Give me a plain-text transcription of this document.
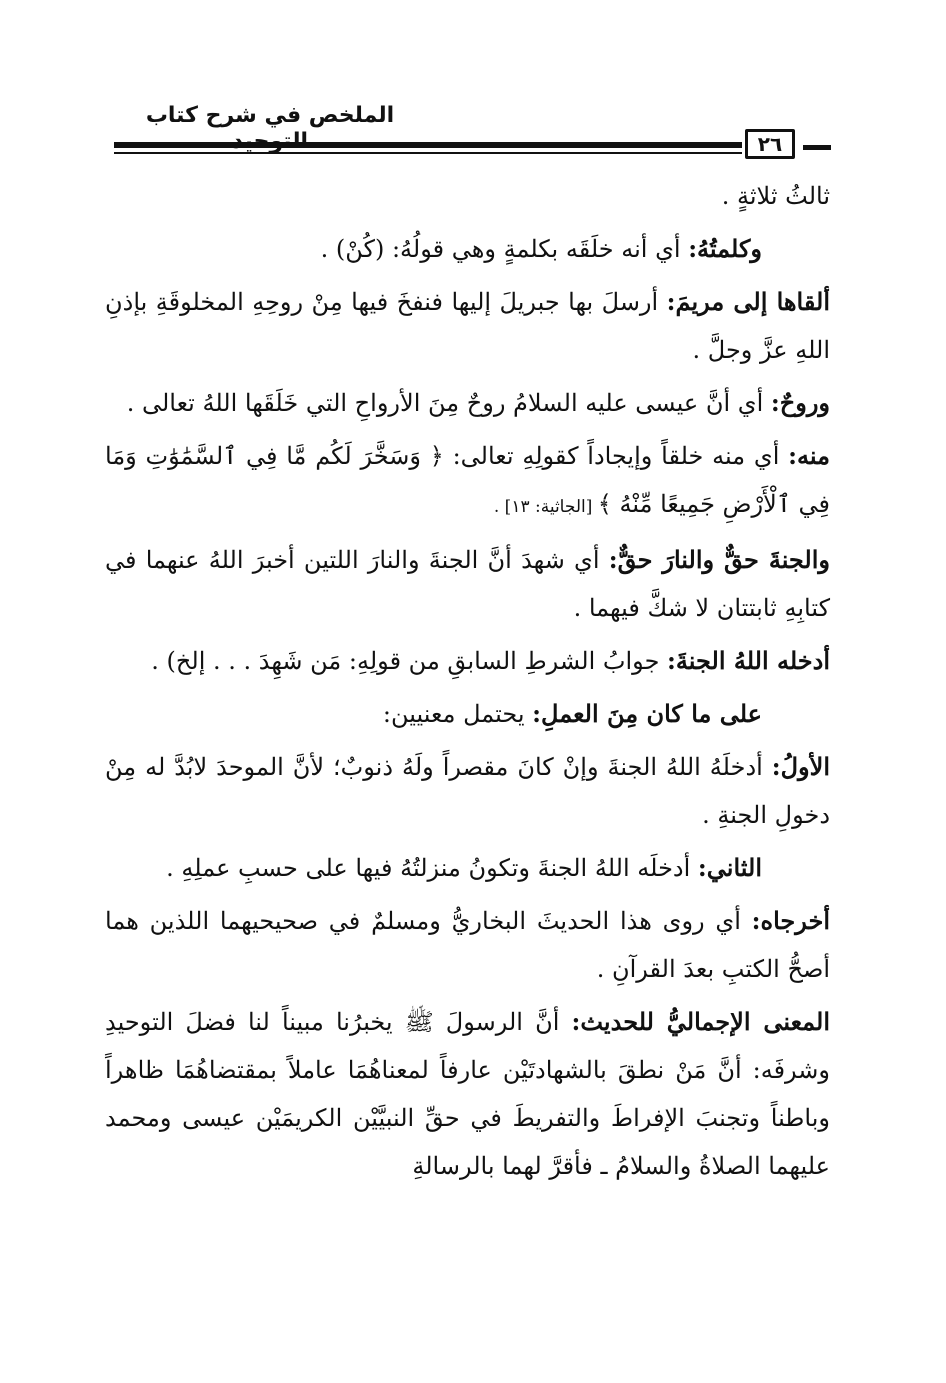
الملخص في شرح كتاب
٢٦

ثالثُ ثلاثةٍ .

وكلمتُهُ: أي أنه خلَقَه بكلمةٍ وهي قولُهُ: (كُنْ) .

ألقاها إلى مريمَ: أرسلَ بها جبريلَ إليها فنفخَ فيها مِنْ روحِهِ المخلوقَةِ بإذنِ اللهِ عزَّ وجلَّ .

وروحٌ: أي أنَّ عيسى عليه السلامُ روحٌ مِنَ الأرواحِ التي خَلَقَها اللهُ تعالى .

منه: أي منه خلقاً وإيجاداً كقولِهِ تعالى: ﴿ وَسَخَّرَ لَكُم مَّا فِي ٱلسَّمَٰوَٰتِ وَمَا فِي ٱلْأَرْضِ جَمِيعًا مِّنْهُ ﴾ [الجاثية: ١٣] .

والجنةَ حقٌّ والنارَ حقٌّ: أي شهدَ أنَّ الجنةَ والنارَ اللتين أخبرَ اللهُ عنهما في كتابِهِ ثابتتان لا شكَّ فيهما .

أدخله اللهُ الجنةَ: جوابُ الشرطِ السابقِ من قولِهِ: مَن شَهِدَ . . . إلخ) .

على ما كان مِنَ العملِ: يحتمل معنيين:

الأولُ: أدخلَهُ اللهُ الجنةَ وإنْ كانَ مقصراً ولَهُ ذنوبٌ؛ لأنَّ الموحدَ لابُدَّ له مِنْ دخولِ الجنةِ .

الثاني: أدخلَه اللهُ الجنةَ وتكونُ منزلتُهُ فيها على حسبِ عملِهِ .

أخرجاه: أي روى هذا الحديثَ البخاريُّ ومسلمٌ في صحيحيهما اللذين هما أصحُّ الكتبِ بعدَ القرآنِ .

المعنى الإجماليُّ للحديث: أنَّ الرسولَ ﷺ يخبرُنا مبيناً لنا فضلَ التوحيدِ وشرفَه: أنَّ مَنْ نطقَ بالشهادتَيْن عارفاً لمعناهُمَا عاملاً بمقتضاهُمَا ظاهراً وباطناً وتجنبَ الإفراطَ والتفريطَ في حقِّ النبيَّيْن الكريمَيْن عيسى ومحمد عليهما الصلاةُ والسلامُ ـ فأقرَّ لهما بالرسالةِ
